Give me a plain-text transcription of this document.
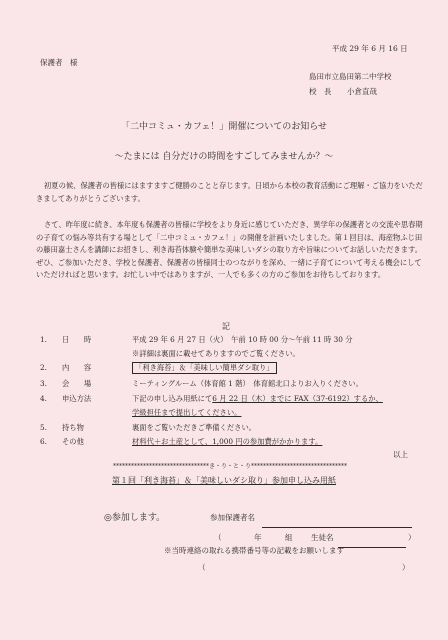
平成 29 年 6 月 16 日
保護者　様
島田市立島田第二中学校
校　長 小倉直哉
「二中コミュ・カフェ！」開催についてのお知らせ
～たまには 自分だけの時間をすごしてみませんか？～
初夏の候、保護者の皆様にはますますご健勝のことと存じます。日頃から本校の教育活動にご理解・ご協力をいただきましてありがとうございます。
さて、昨年度に続き、本年度も保護者の皆様に学校をより身近に感じていただき、異学年の保護者との交流や思春期の子育ての悩み等共有する場として「二中コミュ・カフェ！」の開催を計画いたしました。第１回目は、海産物ふじ田の藤田嘉士さんを講師にお招きし、利き海苔体験や簡単な美味しいダシの取り方や旨味についてお話しいただきます。ぜひ、ご参加いただき、学校と保護者、保護者の皆様同士のつながりを深め、一緒に子育てについて考える機会にしていただければと思います。お忙しい中ではありますが、一人でも多くの方のご参加をお待ちしております。
記
1.	日　　時	平成 29 年 6 月 27 日（火）　午前 10 時 00 分～午前 11 時 30 分
※詳細は裏面に載せてありますのでご覧ください。
2.	内　　容	「利き海苔」＆「美味しい簡単ダシ取り」
3.	会　　場	ミーティングルーム（体育館 1 階）　体育館北口よりお入りください。
4.	申込方法	下記の申し込み用紙にて6 月 22 日（木）までに FAX（37-6192）するか、
学級担任まで提出してください。
5.	持ち物	裏面をご覧いただきご準備ください。
6.	その他	材料代＋お土産として、1,000 円の参加費がかかります。
以上
********************************き・り・と・り********************************
第１回「利き海苔」＆「美味しいダシ取り」参加申し込み用紙
◎参加します。	参加保護者名
（	年	組 生徒名	）
※当時連絡の取れる携帯番号等の記載をお願いします
（	）
